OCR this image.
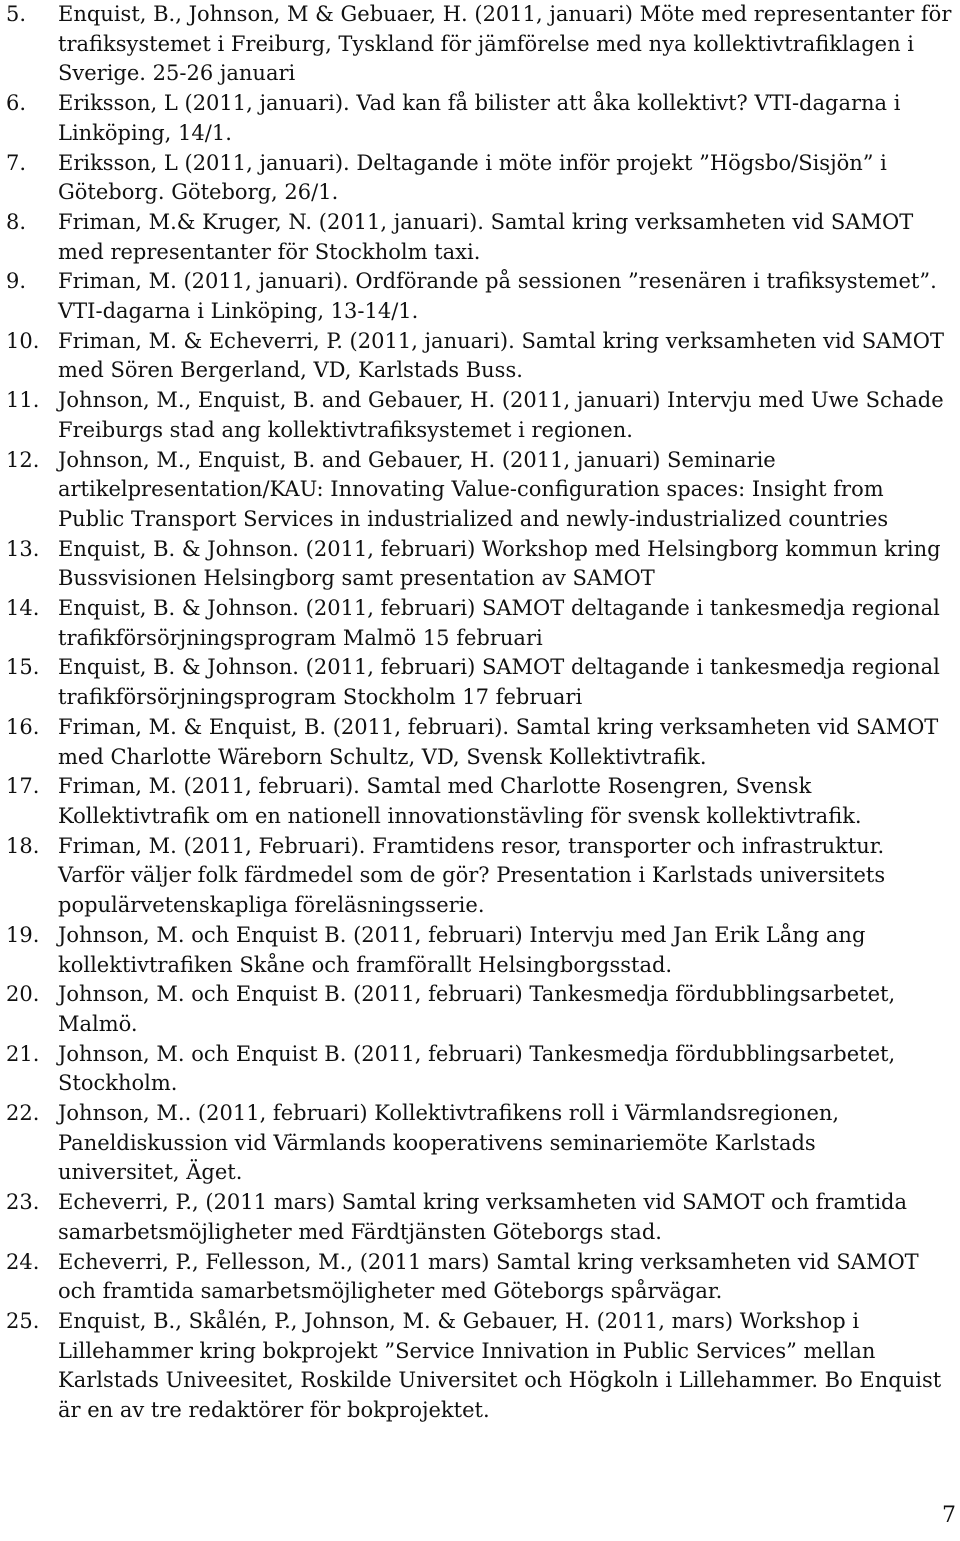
5.	Enquist, B., Johnson, M & Gebuaer, H. (2011, januari) Möte med representanter för
trafiksystemet i Freiburg, Tyskland för jämförelse med nya kollektivtrafiklagen i
Sverige. 25-26 januari
6.	Eriksson, L (2011, januari). Vad kan få bilister att åka kollektivt? VTI-dagarna i
Linköping, 14/1.
7.	Eriksson, L (2011, januari). Deltagande i möte inför projekt ”Högsbo/Sisjön” i
Göteborg. Göteborg, 26/1.
8.	Friman, M.& Kruger, N. (2011, januari). Samtal kring verksamheten vid SAMOT
med representanter för Stockholm taxi.
9.	Friman, M. (2011, januari). Ordförande på sessionen ”resenären i trafiksystemet”.
VTI-dagarna i Linköping, 13-14/1.
10. Friman, M. & Echeverri, P. (2011, januari). Samtal kring verksamheten vid SAMOT
med Sören Bergerland, VD, Karlstads Buss.
11. Johnson, M., Enquist, B. and Gebauer, H. (2011, januari) Intervju med Uwe Schade
Freiburgs stad ang kollektivtrafiksystemet i regionen.
12. Johnson, M., Enquist, B. and Gebauer, H. (2011, januari) Seminarie
artikelpresentation/KAU: Innovating Value-configuration spaces: Insight from
Public Transport Services in industrialized and newly-industrialized countries
13. Enquist, B. & Johnson. (2011, februari) Workshop med Helsingborg kommun kring
Bussvisionen Helsingborg samt presentation av SAMOT
14. Enquist, B. & Johnson. (2011, februari) SAMOT deltagande i tankesmedja regional
trafikförsörjningsprogram Malmö 15 februari
15. Enquist, B. & Johnson. (2011, februari) SAMOT deltagande i tankesmedja regional
trafikförsörjningsprogram Stockholm 17 februari
16. Friman, M. & Enquist, B. (2011, februari). Samtal kring verksamheten vid SAMOT
med Charlotte Wäreborn Schultz, VD, Svensk Kollektivtrafik.
17. Friman, M. (2011, februari). Samtal med Charlotte Rosengren, Svensk
Kollektivtrafik om en nationell innovationstävling för svensk kollektivtrafik.
18. Friman, M. (2011, Februari). Framtidens resor, transporter och infrastruktur.
Varför väljer folk färdmedel som de gör? Presentation i Karlstads universitets
populärvetenskapliga föreläsningsserie.
19. Johnson, M. och Enquist B. (2011, februari) Intervju med Jan Erik Lång ang
kollektivtrafiken Skåne och framförallt Helsingborgsstad.
20. Johnson, M. och Enquist B. (2011, februari) Tankesmedja fördubblingsarbetet,
Malmö.
21. Johnson, M. och Enquist B. (2011, februari) Tankesmedja fördubblingsarbetet,
Stockholm.
22. Johnson, M.. (2011, februari) Kollektivtrafikens roll i Värmlandsregionen,
Paneldiskussion vid Värmlands kooperativens seminariemöte Karlstads
universitet, Äget.
23. Echeverri, P., (2011 mars) Samtal kring verksamheten vid SAMOT och framtida
samarbetsmöjligheter med Färdtjänsten Göteborgs stad.
24. Echeverri, P., Fellesson, M., (2011 mars) Samtal kring verksamheten vid SAMOT
och framtida samarbetsmöjligheter med Göteborgs spårvägar.
25. Enquist, B., Skålén, P., Johnson, M. & Gebauer, H. (2011, mars) Workshop i
Lillehammer kring bokprojekt ”Service Innivation in Public Services” mellan
Karlstads Univeesitet, Roskilde Universitet och Högkoln i Lillehammer. Bo Enquist
är en av tre redaktörer för bokprojektet.
7
